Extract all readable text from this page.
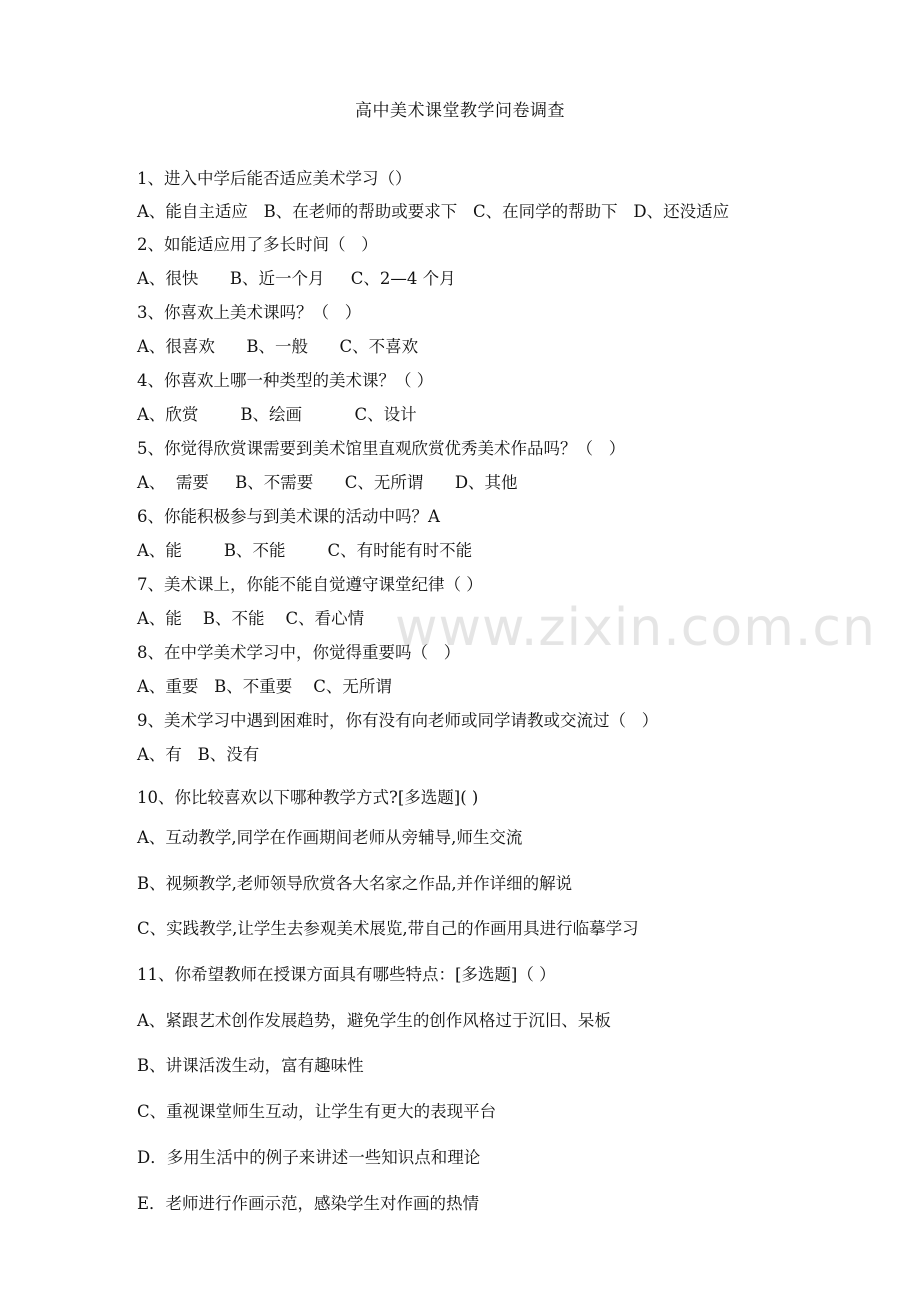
高中美术课堂教学问卷调查
1、进入中学后能否适应美术学习（）
A、能自主适应   B、在老师的帮助或要求下   C、在同学的帮助下   D、还没适应
2、如能适应用了多长时间（   ）
A、很快      B、近一个月     C、2—4 个月
3、你喜欢上美术课吗？（   ）
A、很喜欢      B、一般      C、不喜欢
4、你喜欢上哪一种类型的美术课？（ ）
A、欣赏        B、绘画          C、设计
5、你觉得欣赏课需要到美术馆里直观欣赏优秀美术作品吗？（   ）
A、  需要     B、不需要      C、无所谓      D、其他
6、你能积极参与到美术课的活动中吗？A
A、能        B、不能        C、有时能有时不能
7、美术课上，你能不能自觉遵守课堂纪律（ ）
A、能    B、不能    C、看心情
8、在中学美术学习中，你觉得重要吗（   ）
A、重要   B、不重要    C、无所谓
9、美术学习中遇到困难时，你有没有向老师或同学请教或交流过（   ）
A、有   B、没有
10、你比较喜欢以下哪种教学方式?[多选题]( )
A、互动教学,同学在作画期间老师从旁辅导,师生交流
B、视频教学,老师领导欣赏各大名家之作品,并作详细的解说
C、实践教学,让学生去参观美术展览,带自己的作画用具进行临摹学习
11、你希望教师在授课方面具有哪些特点：[多选题]（ ）
A、紧跟艺术创作发展趋势，避免学生的创作风格过于沉旧、呆板
B、讲课活泼生动，富有趣味性
C、重视课堂师生互动，让学生有更大的表现平台
D．多用生活中的例子来讲述一些知识点和理论
E．老师进行作画示范，感染学生对作画的热情
www.zixin.com.cn
